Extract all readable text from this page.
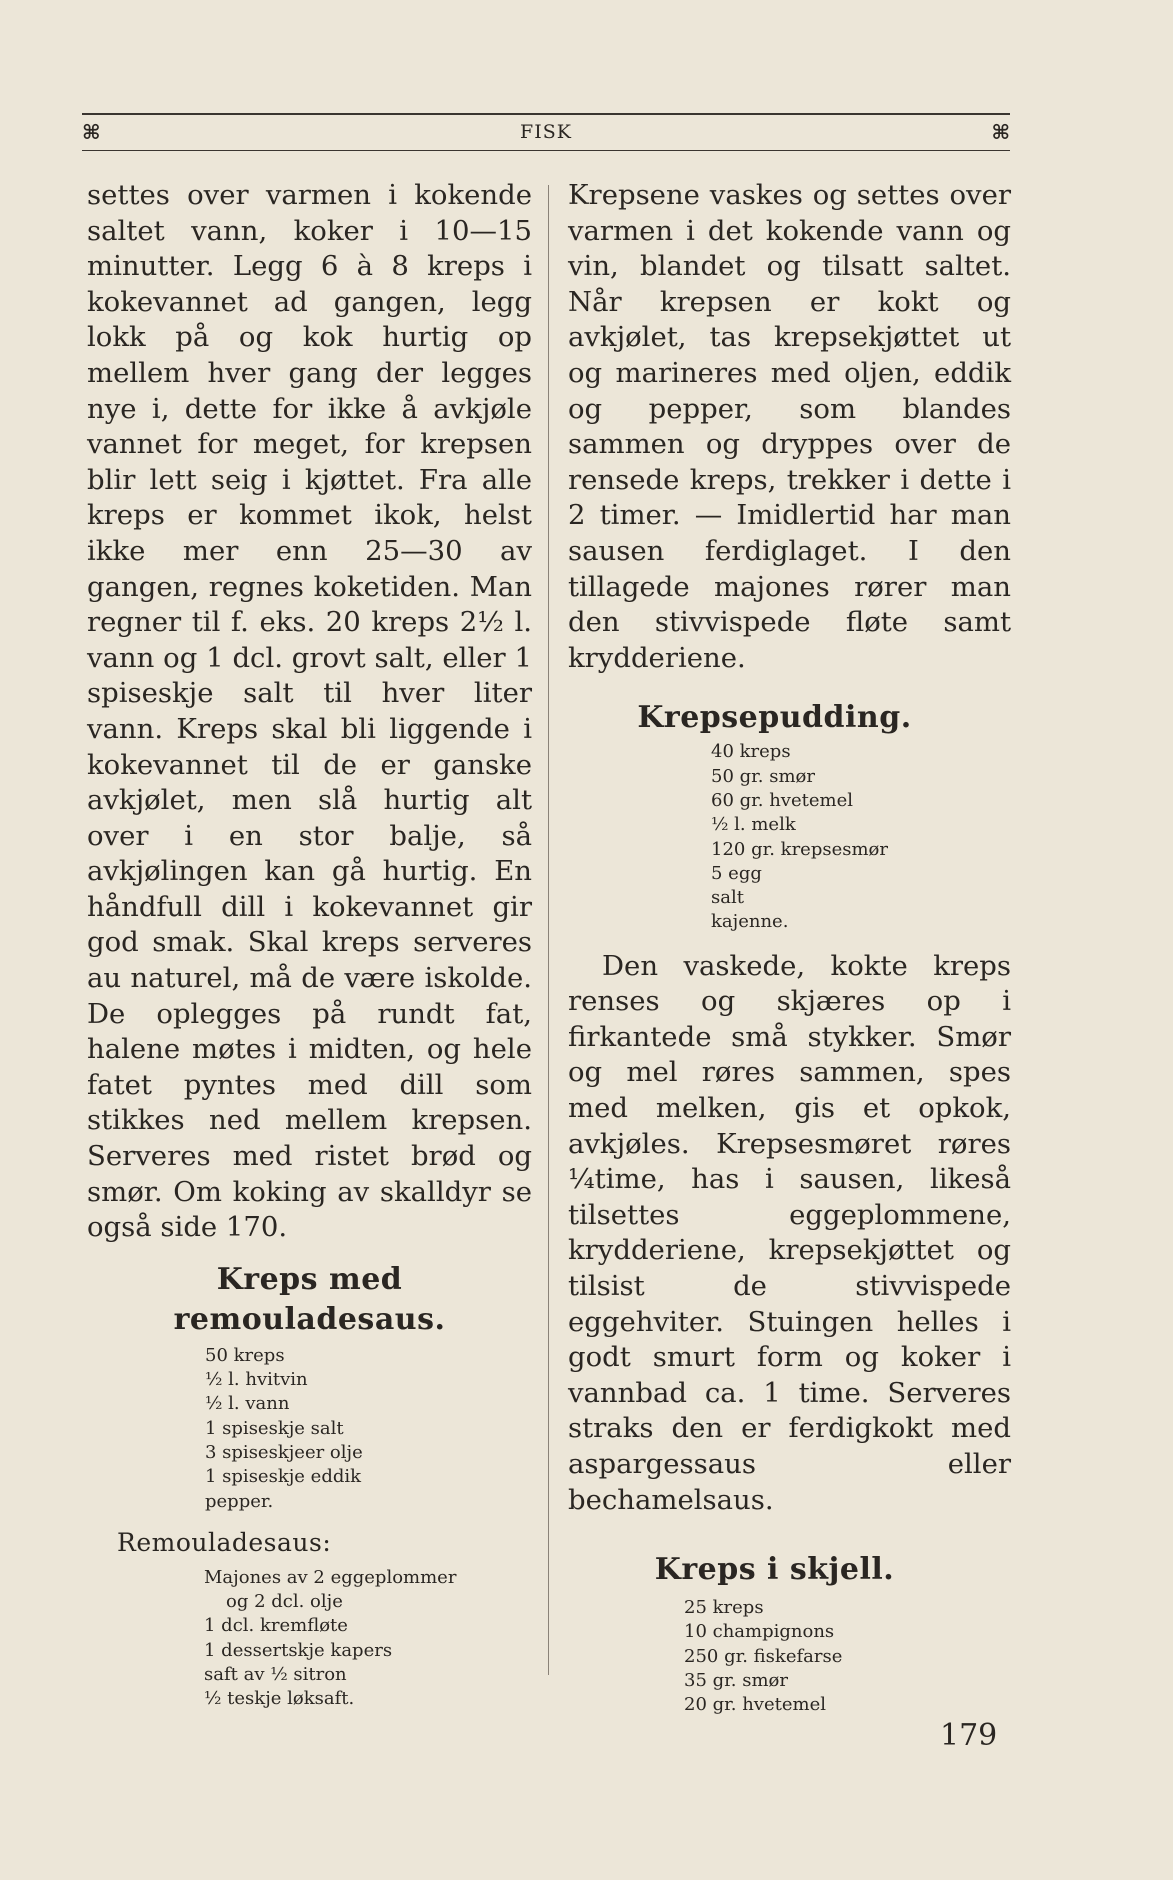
⌘	FISK	⌘

settes over varmen i kokende saltet vann, koker i 10—15 minutter. Legg 6 à 8 kreps i kokevannet ad gangen, legg lokk på og kok hurtig op mellem hver gang der legges nye i, dette for ikke å avkjøle vannet for meget, for krepsen blir lett seig i kjøttet. Fra alle kreps er kommet ikok, helst ikke mer enn 25—30 av gangen, regnes koketiden. Man regner til f. eks. 20 kreps 2½ l. vann og 1 dcl. grovt salt, eller 1 spiseskje salt til hver liter vann. Kreps skal bli liggende i kokevannet til de er ganske avkjølet, men slå hurtig alt over i en stor balje, så avkjølingen kan gå hurtig. En håndfull dill i kokevannet gir god smak. Skal kreps serveres au naturel, må de være iskolde. De oplegges på rundt fat, halene møtes i midten, og hele fatet pyntes med dill som stikkes ned mellem krepsen. Serveres med ristet brød og smør. Om koking av skalldyr se også side 170.

Kreps med remouladesaus.
50 kreps
½ l. hvitvin
½ l. vann
1 spiseskje salt
3 spiseskjeer olje
1 spiseskje eddik
pepper.
Remouladesaus:
Majones av 2 eggeplommer
og 2 dcl. olje
1 dcl. kremfløte
1 dessertskje kapers
saft av ½ sitron
½ teskje løksaft.

Krepsene vaskes og settes over varmen i det kokende vann og vin, blandet og tilsatt saltet. Når krepsen er kokt og avkjølet, tas krepsekjøttet ut og marineres med oljen, eddik og pepper, som blandes sammen og dryppes over de rensede kreps, trekker i dette i 2 timer. — Imidlertid har man sausen ferdiglaget. I den tillagede majones rører man den stivvispede fløte samt krydderiene.

Krepsepudding.
40 kreps
50 gr. smør
60 gr. hvetemel
½ l. melk
120 gr. krepsesmør
5 egg
salt
kajenne.

Den vaskede, kokte kreps renses og skjæres op i firkantede små stykker. Smør og mel røres sammen, spes med melken, gis et opkok, avkjøles. Krepsesmøret røres ¼time, has i sausen, likeså tilsettes eggeplommene, krydderiene, krepsekjøttet og tilsist de stivvispede eggehviter. Stuingen helles i godt smurt form og koker i vannbad ca. 1 time. Serveres straks den er ferdigkokt med aspargessaus eller bechamelsaus.

Kreps i skjell.
25 kreps
10 champignons
250 gr. fiskefarse
35 gr. smør
20 gr. hvetemel
179
